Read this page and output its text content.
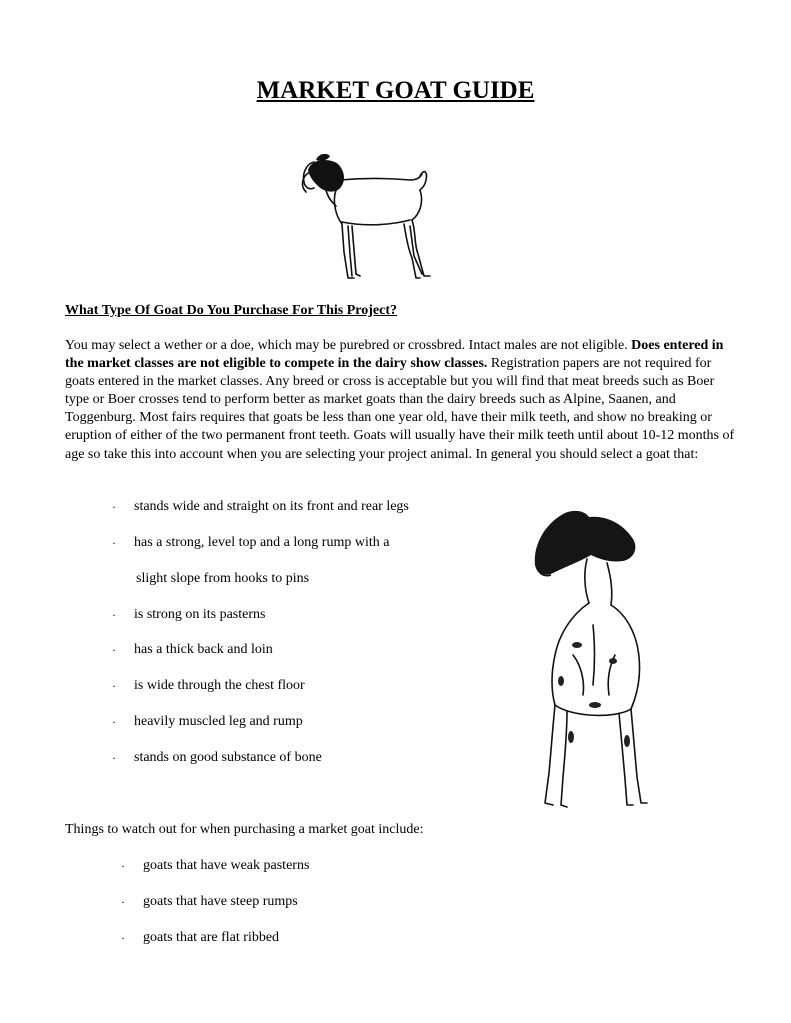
MARKET GOAT GUIDE

What Type Of Goat Do You Purchase For This Project?

You may select a wether or a doe, which may be purebred or crossbred. Intact males are not eligible. Does entered in the market classes are not eligible to compete in the dairy show classes. Registration papers are not required for goats entered in the market classes. Any breed or cross is acceptable but you will find that meat breeds such as Boer type or Boer crosses tend to perform better as market goats than the dairy breeds such as Alpine, Saanen, and Toggenburg. Most fairs requires that goats be less than one year old, have their milk teeth, and show no breaking or eruption of either of the two permanent front teeth. Goats will usually have their milk teeth until about 10-12 months of age so take this into account when you are selecting your project animal. In general you should select a goat that:

· stands wide and straight on its front and rear legs
· has a strong, level top and a long rump with a
slight slope from hooks to pins
· is strong on its pasterns
· has a thick back and loin
· is wide through the chest floor
· heavily muscled leg and rump
· stands on good substance of bone

Things to watch out for when purchasing a market goat include:

· goats that have weak pasterns
· goats that have steep rumps
· goats that are flat ribbed
